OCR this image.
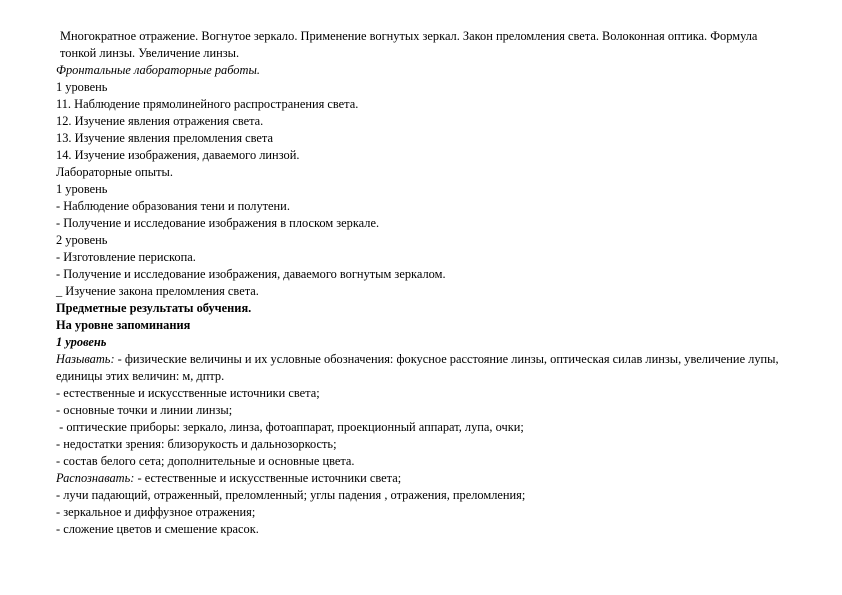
Многократное отражение. Вогнутое зеркало. Применение вогнутых зеркал. Закон преломления света. Волоконная оптика. Формула тонкой линзы. Увеличение линзы.
Фронтальные лабораторные работы.
1 уровень
11. Наблюдение прямолинейного распространения света.
12. Изучение явления отражения света.
13. Изучение явления преломления света
14. Изучение изображения, даваемого линзой.
Лабораторные опыты.
1 уровень
- Наблюдение образования тени и полутени.
- Получение и исследование изображения в плоском зеркале.
2 уровень
- Изготовление перископа.
- Получение и исследование изображения, даваемого вогнутым зеркалом.
_ Изучение закона преломления света.
Предметные результаты обучения.
На уровне запоминания
1 уровень
Называть: - физические величины и их условные обозначения: фокусное расстояние линзы, оптическая силав линзы, увеличение лупы, единицы этих величин: м, дптр.
- естественные и искусственные источники света;
- основные точки и линии линзы;
- оптические приборы: зеркало, линза, фотоаппарат, проекционный аппарат, лупа, очки;
- недостатки зрения: близорукость и дальнозоркость;
- состав белого сета; дополнительные и основные цвета.
Распознавать: - естественные и искусственные источники света;
- лучи падающий, отраженный, преломленный; углы падения , отражения, преломления;
- зеркальное и диффузное отражения;
- сложение цветов и смешение красок.
